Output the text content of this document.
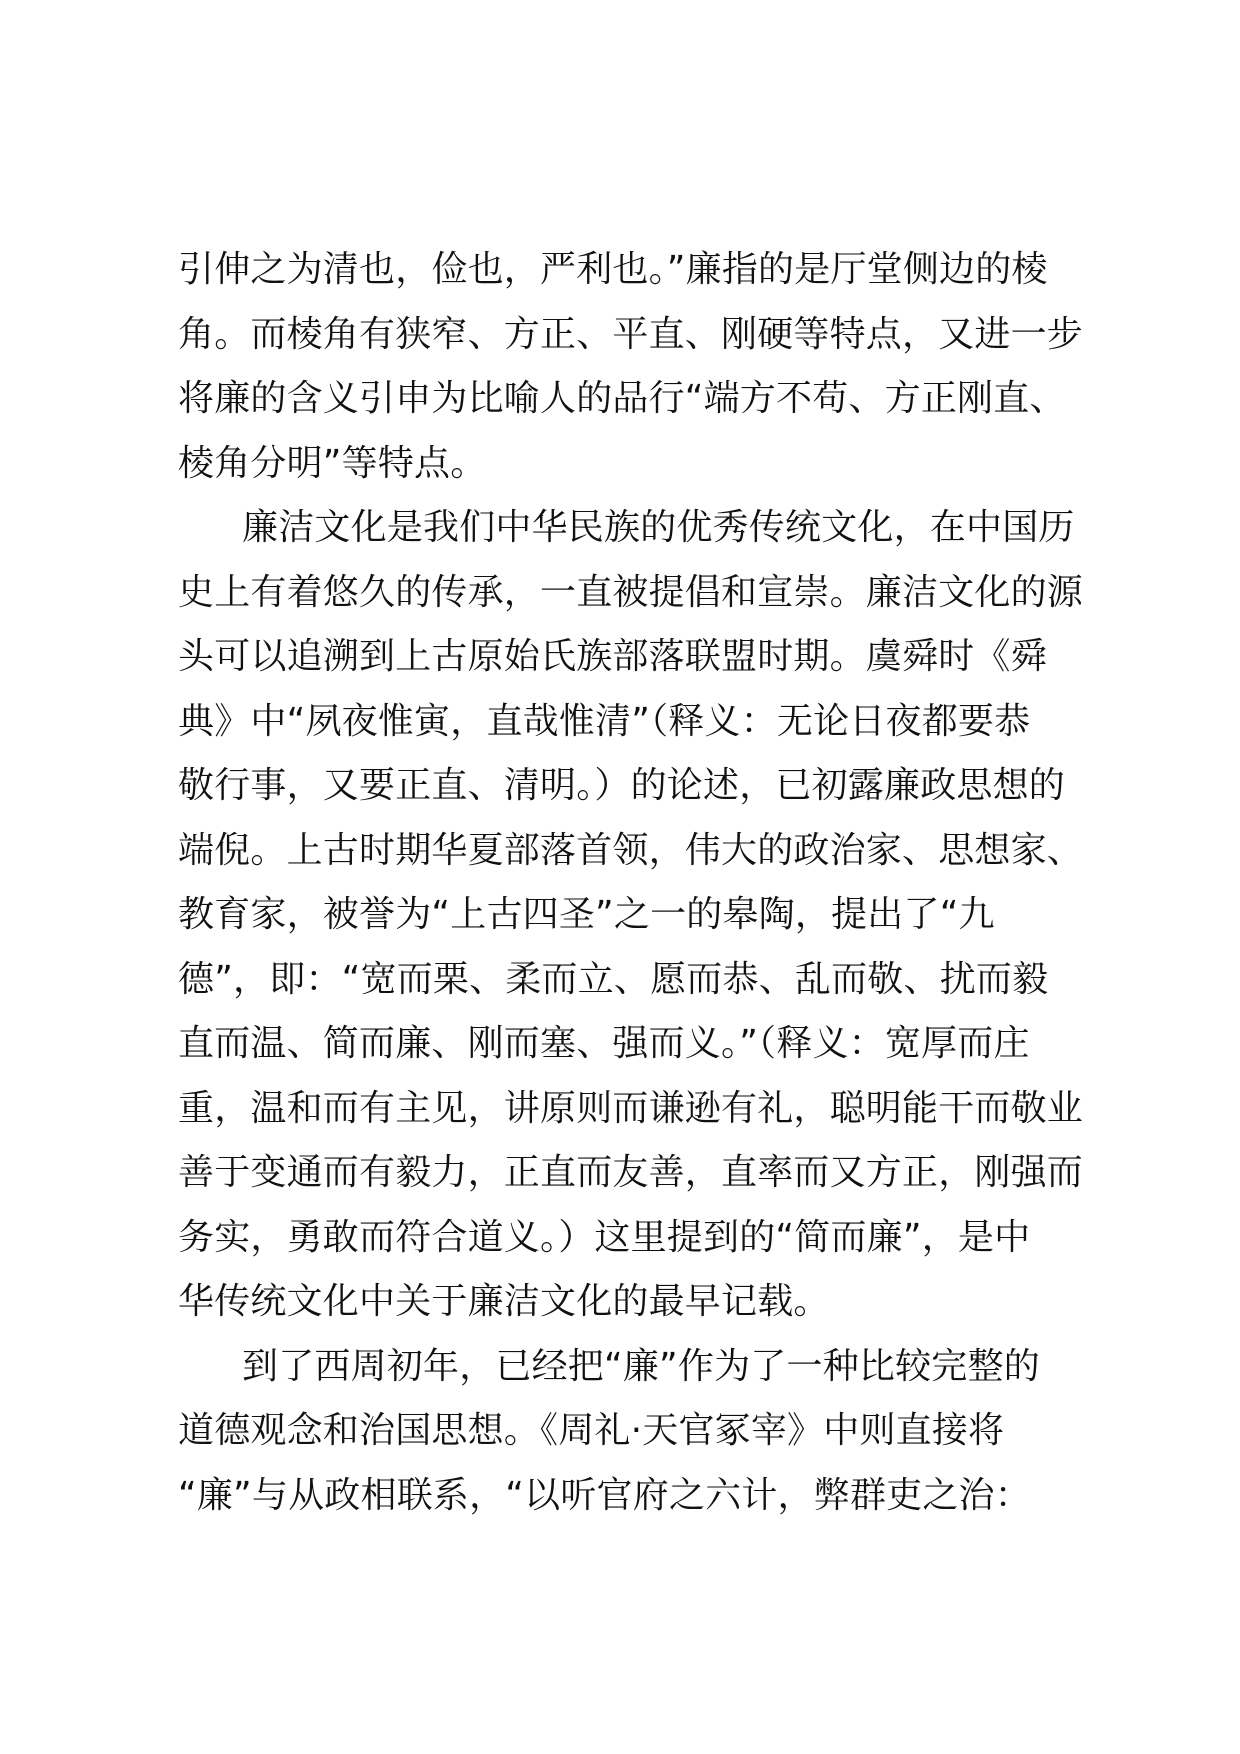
引伸之为清也，俭也，严利也。”廉指的是厅堂侧边的棱
角。而棱角有狭窄、方正、平直、刚硬等特点，又进一步
将廉的含义引申为比喻人的品行“端方不苟、方正刚直、
棱角分明”等特点。
廉洁文化是我们中华民族的优秀传统文化，在中国历
史上有着悠久的传承，一直被提倡和宣崇。廉洁文化的源
头可以追溯到上古原始氏族部落联盟时期。虞舜时《舜
典》中“夙夜惟寅，直哉惟清”（释义：无论日夜都要恭
敬行事，又要正直、清明。）的论述，已初露廉政思想的
端倪。上古时期华夏部落首领，伟大的政治家、思想家、
教育家，被誉为“上古四圣”之一的皋陶，提出了“九
德”，即：“宽而栗、柔而立、愿而恭、乱而敬、扰而毅
直而温、简而廉、刚而塞、强而义。”（释义：宽厚而庄
重，温和而有主见，讲原则而谦逊有礼，聪明能干而敬业
善于变通而有毅力，正直而友善，直率而又方正，刚强而
务实，勇敢而符合道义。）这里提到的“简而廉”，是中
华传统文化中关于廉洁文化的最早记载。
到了西周初年，已经把“廉”作为了一种比较完整的
道德观念和治国思想。《周礼·天官冢宰》中则直接将
“廉”与从政相联系，“以听官府之六计，弊群吏之治：
